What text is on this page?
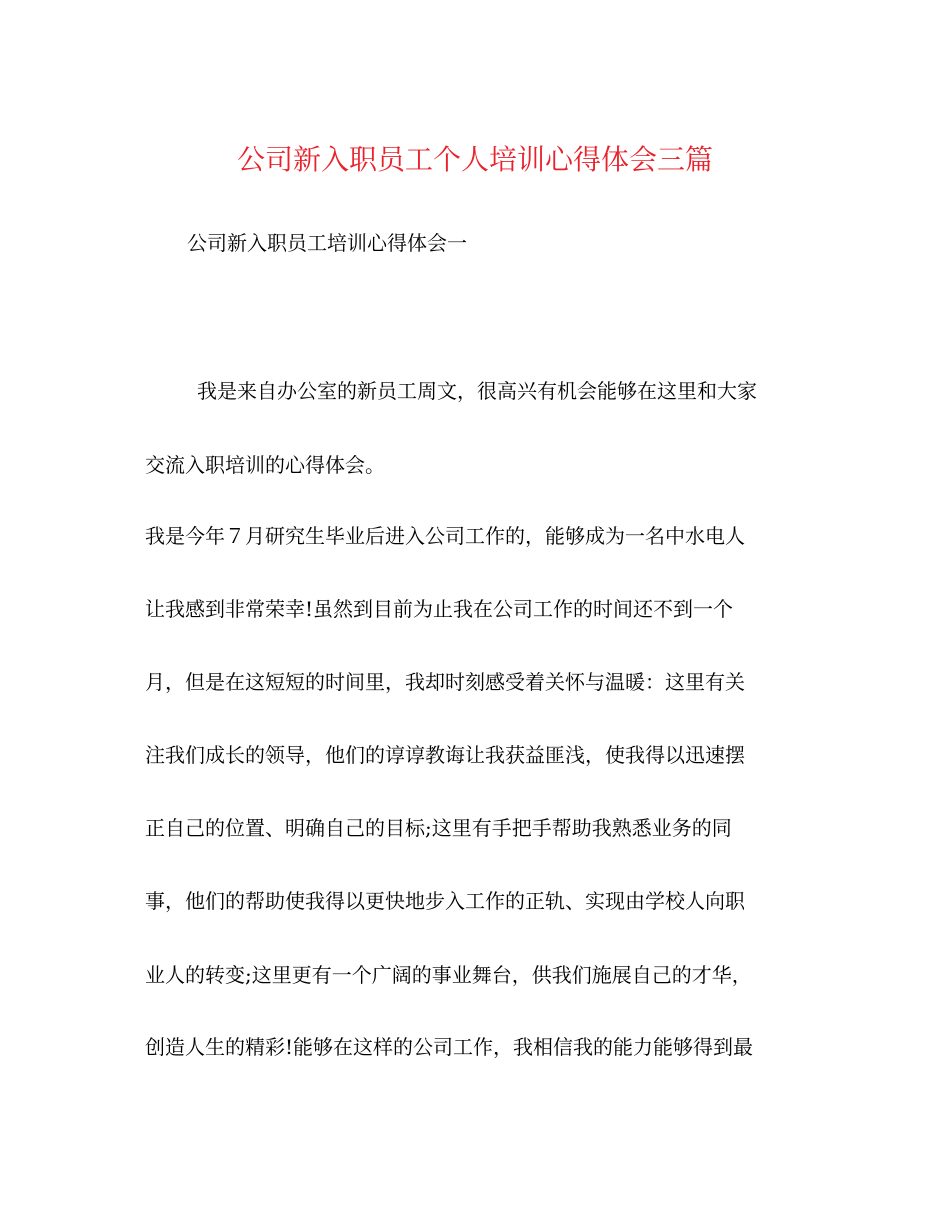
公司新入职员工个人培训心得体会三篇
公司新入职员工培训心得体会一
我是来自办公室的新员工周文，很高兴有机会能够在这里和大家
交流入职培训的心得体会。
我是今年７月研究生毕业后进入公司工作的，能够成为一名中水电人
让我感到非常荣幸!虽然到目前为止我在公司工作的时间还不到一个
月，但是在这短短的时间里，我却时刻感受着关怀与温暖：这里有关
注我们成长的领导，他们的谆谆教诲让我获益匪浅，使我得以迅速摆
正自己的位置、明确自己的目标;这里有手把手帮助我熟悉业务的同
事，他们的帮助使我得以更快地步入工作的正轨、实现由学校人向职
业人的转变;这里更有一个广阔的事业舞台，供我们施展自己的才华，
创造人生的精彩!能够在这样的公司工作，我相信我的能力能够得到最
